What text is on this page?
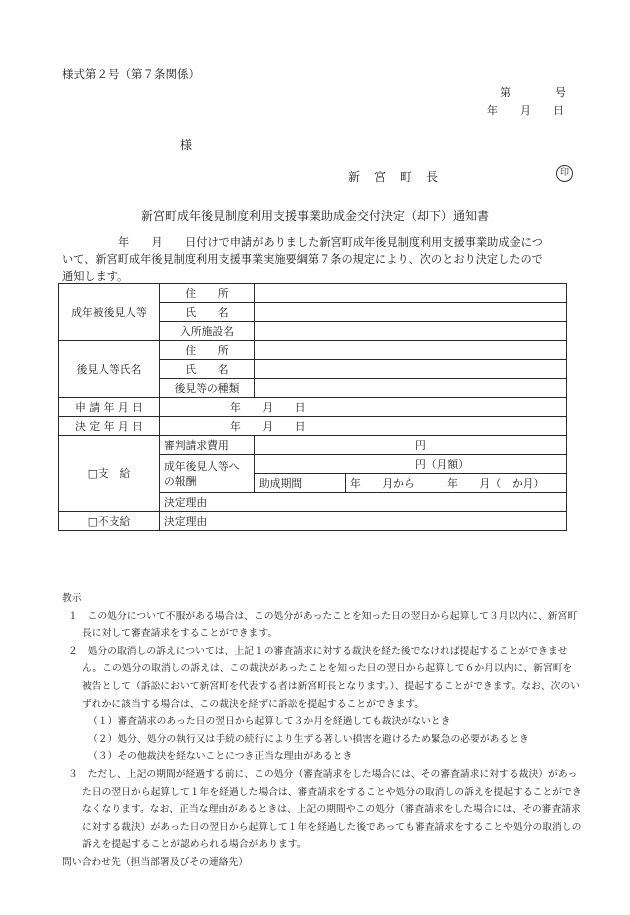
様式第２号（第７条関係）
第　　　　号
年　　月　　日
様
新　宮　町　長	印
新宮町成年後見制度利用支援事業助成金交付決定（却下）通知書

　　　　　年　　月　　日付けで申請がありました新宮町成年後見制度利用支援事業助成金につ

いて、新宮町成年後見制度利用支援事業実施要綱第７条の規定により、次のとおり決定したので

通知します。

成年被後見人等	住　　所		
	氏　　名		
	入所施設名		
後見人等氏名	住　　所		
	氏　　名		
	後見等の種類		
申 請 年 月 日	年　　月　　日		
決 定 年 月 日	年　　月　　日		
□支　給	審判請求費用	円	

	成年後見人等へ
の報酬	円（月額）	
		助成期間	年　　月から　　　年　　月（　か月）
	決定理由		
□不支給	決定理由		

教示

１　この処分について不服がある場合は、この処分があったことを知った日の翌日から起算して３月以内に、新宮町長に対して審査請求をすることができます。

２　処分の取消しの訴えについては、上記１の審査請求に対する裁決を経た後でなければ提起することができません。この処分の取消しの訴えは、この裁決があったことを知った日の翌日から起算して６か月以内に、新宮町を被告として（訴訟において新宮町を代表する者は新宮町長となります。）、提起することができます。なお、次のいずれかに該当する場合は、この裁決を経ずに訴訟を提起することができます。

（１）審査請求のあった日の翌日から起算して３か月を経過しても裁決がないとき

（２）処分、処分の執行又は手続の続行により生ずる著しい損害を避けるため緊急の必要があるとき

（３）その他裁決を経ないことにつき正当な理由があるとき

３　ただし、上記の期間が経過する前に、この処分（審査請求をした場合には、その審査請求に対する裁決）があった日の翌日から起算して１年を経過した場合は、審査請求をすることや処分の取消しの訴えを提起することができなくなります。なお、正当な理由があるときは、上記の期間やこの処分（審査請求をした場合には、その審査請求に対する裁決）があった日の翌日から起算して１年を経過した後であっても審査請求をすることや処分の取消しの訴えを提起することが認められる場合があります。

問い合わせ先（担当部署及びその連絡先）
